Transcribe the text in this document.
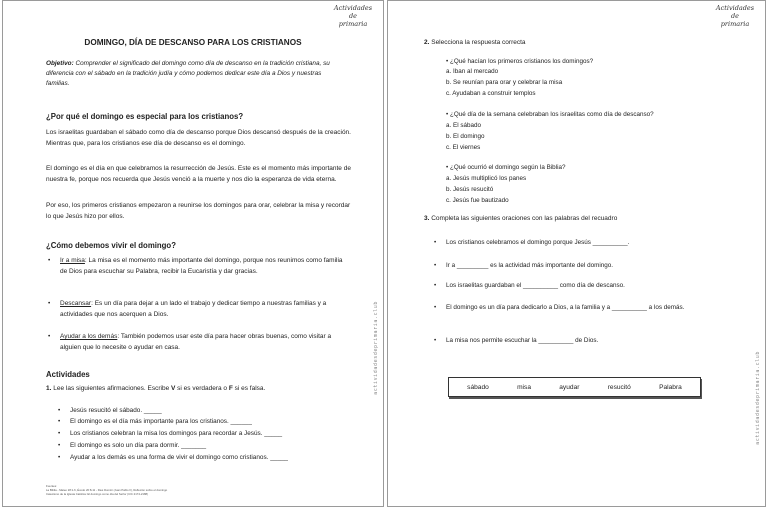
Actividades de
primaria
actividadesdeprimaria.club
DOMINGO, DÍA DE DESCANSO PARA LOS CRISTIANOS
Objetivo: Comprender el significado del domingo como día de descanso en la tradición cristiana, su diferencia con el sábado en la tradición judía y cómo podemos dedicar este día a Dios y nuestras familias.
¿Por qué el domingo es especial para los cristianos?
Los israelitas guardaban el sábado como día de descanso porque Dios descansó después de la creación. Mientras que, para los cristianos ese día de descanso es el domingo.
El domingo es el día en que celebramos la resurrección de Jesús. Este es el momento más importante de nuestra fe, porque nos recuerda que Jesús venció a la muerte y nos dio la esperanza de vida eterna.
Por eso, los primeros cristianos empezaron a reunirse los domingos para orar, celebrar la misa y recordar lo que Jesús hizo por ellos.
¿Cómo debemos vivir el domingo?
•	Ir a misa: La misa es el momento más importante del domingo, porque nos reunimos como familia de Dios para escuchar su Palabra, recibir la Eucaristía y dar gracias.
•	Descansar: Es un día para dejar a un lado el trabajo y dedicar tiempo a nuestras familias y a actividades que nos acerquen a Dios.
•	Ayudar a los demás: También podemos usar este día para hacer obras buenas, como visitar a alguien que lo necesite o ayudar en casa.
Actividades
1. Lee las siguientes afirmaciones. Escribe V si es verdadera o F si es falsa.
•	Jesús resucitó el sábado. _____
•	El domingo es el día más importante para los cristianos. ______
•	Los cristianos celebran la misa los domingos para recordar a Jesús. _____
•	El domingo es solo un día para dormir. _______
•	Ayudar a los demás es una forma de vivir el domingo como cristianos. _____
Fuentes:
La Biblia - Mateo 28:1-6, Éxodo 20:8-11 - Dies Domini (Juan Pablo II), Reflexión sobre el domingo
Catecismo de la Iglesia Católica: El domingo como día del Señor (CIC 2174-2188)
Actividades de
primaria
actividadesdeprimaria.club
2. Selecciona la respuesta correcta
• ¿Qué hacían los primeros cristianos los domingos?
a. Iban al mercado
b. Se reunían para orar y celebrar la misa
c. Ayudaban a construir templos
• ¿Qué día de la semana celebraban los israelitas como día de descanso?
a. El sábado
b. El domingo
c. El viernes
• ¿Qué ocurrió el domingo según la Biblia?
a. Jesús multiplicó los panes
b. Jesús resucitó
c. Jesús fue bautizado
3. Completa las siguientes oraciones con las palabras del recuadro
•	Los cristianos celebramos el domingo porque Jesús __________.
•	Ir a _________ es la actividad más importante del domingo.
•	Los israelitas guardaban el __________ como día de descanso.
•	El domingo es un día para dedicarlo a Dios, a la familia y a __________ a los demás.
•	La misa nos permite escuchar la __________ de Dios.
sábado	misa	ayudar	resucitó	Palabra
